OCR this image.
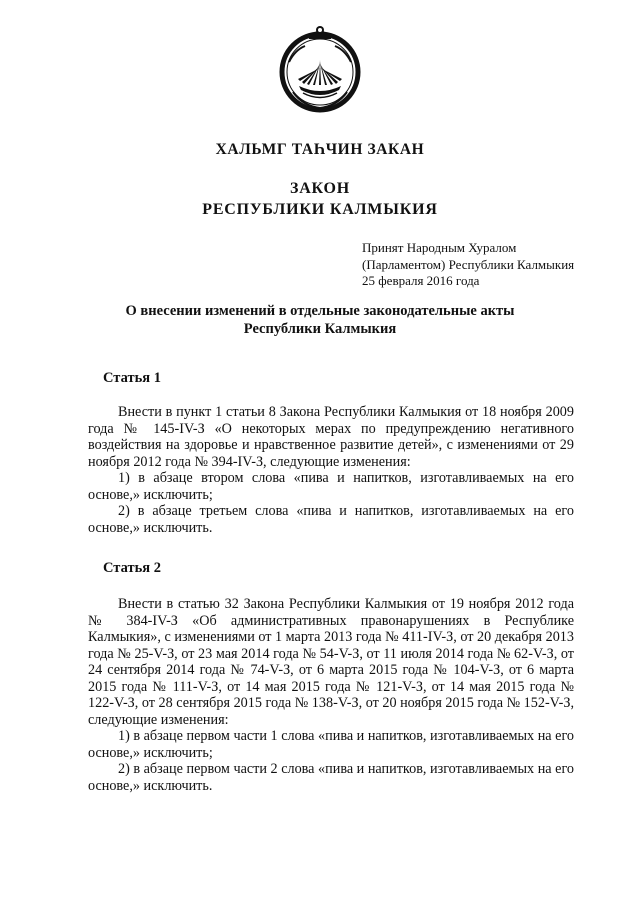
ХАЛЬМГ ТАҺЧИН ЗАКАН
ЗАКОН
РЕСПУБЛИКИ КАЛМЫКИЯ
Принят Народным Хуралом
(Парламентом) Республики Калмыкия
25 февраля 2016 года
О внесении изменений в отдельные законодательные акты
Республики Калмыкия
Статья 1
Внести в пункт 1 статьи 8 Закона Республики Калмыкия от 18 ноября 2009 года № 145-IV-З «О некоторых мерах по предупреждению негативного воздействия на здоровье и нравственное развитие детей», с изменениями от 29 ноября 2012 года № 394-IV-З, следующие изменения:
1) в абзаце втором слова «пива и напитков, изготавливаемых на его основе,» исключить;
2) в абзаце третьем слова «пива и напитков, изготавливаемых на его основе,» исключить.
Статья 2
Внести в статью 32 Закона Республики Калмыкия от 19 ноября 2012 года № 384-IV-З «Об административных правонарушениях в Республике Калмыкия», с изменениями от 1 марта 2013 года № 411-IV-З, от 20 декабря 2013 года № 25-V-З, от 23 мая 2014 года № 54-V-З, от 11 июля 2014 года № 62-V-З, от 24 сентября 2014 года № 74-V-З, от 6 марта 2015 года № 104-V-З, от 6 марта 2015 года № 111-V-З, от 14 мая 2015 года № 121-V-З, от 14 мая 2015 года № 122-V-З, от 28 сентября 2015 года № 138-V-З, от 20 ноября 2015 года № 152-V-З, следующие изменения:
1) в абзаце первом части 1 слова «пива и напитков, изготавливаемых на его основе,» исключить;
2) в абзаце первом части 2 слова «пива и напитков, изготавливаемых на его основе,» исключить.
